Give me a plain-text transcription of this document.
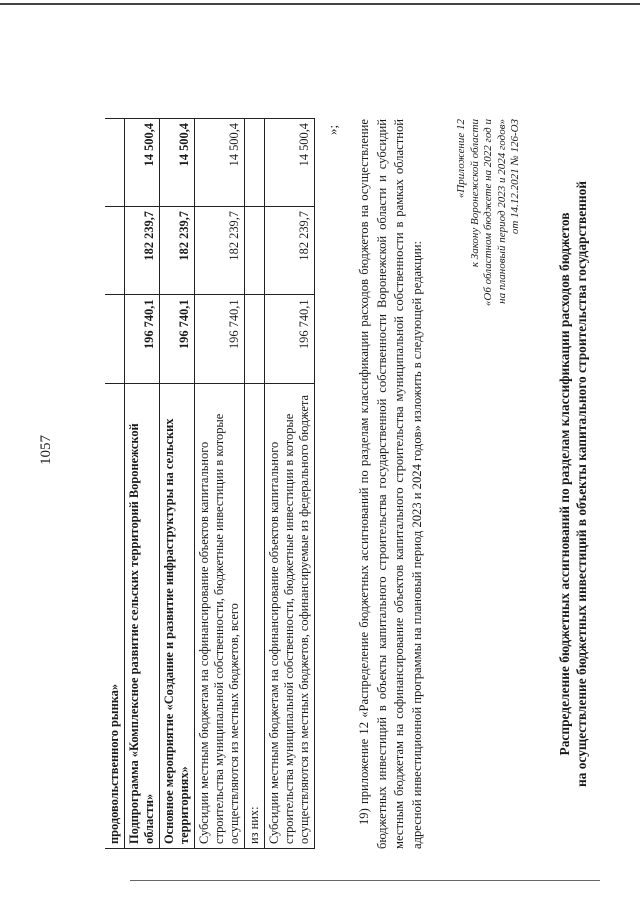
1057
продовольственного рынка»			
Подпрограмма «Комплексное развитие сельских территорий Воронежской области»	196 740,1	182 239,7	14 500,4
Основное мероприятие «Создание и развитие инфраструктуры на сельских территориях»	196 740,1	182 239,7	14 500,4
Субсидии местным бюджетам на софинансирование объектов капитального строительства муниципальной собственности, бюджетные инвестиции в которые осуществляются из местных бюджетов, всего	196 740,1	182 239,7	14 500,4
из них:			
Субсидии местным бюджетам на софинансирование объектов капитального строительства муниципальной собственности, бюджетные инвестиции в которые осуществляются из местных бюджетов, софинансируемые из федерального бюджета	196 740,1	182 239,7	14 500,4 »; 19) приложение 12 «Распределение бюджетных ассигнований по разделам классификации расходов бюджетов на осуществление бюджетных инвестиций в объекты капитального строительства государственной собственности Воронежской области и субсидий местным бюджетам на софинансирование объектов капитального строительства муниципальной собственности в рамках областной адресной инвестиционной программы на плановый период 2023 и 2024 годов» изложить в следующей редакции:
«Приложение 12 к Закону Воронежской области «Об областном бюджете на 2022 год и на плановый период 2023 и 2024 годов» от 14.12.2021 № 126-ОЗ
Распределение бюджетных ассигнований по разделам классификации расходов бюджетов на осуществление бюджетных инвестиций в объекты капитального строительства государственной
